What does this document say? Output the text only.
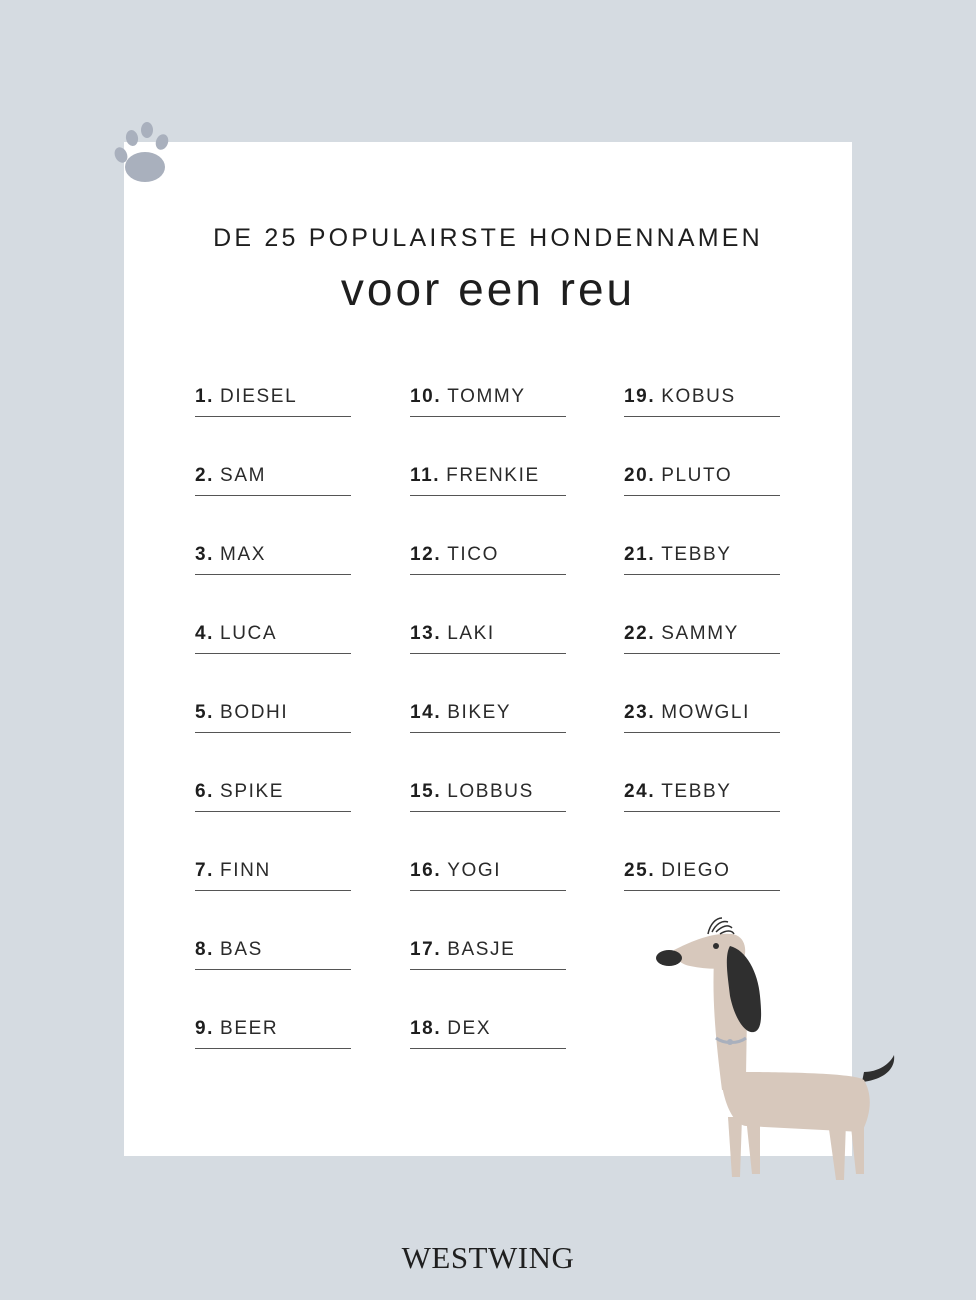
DE 25 POPULAIRSTE HONDENNAMEN
voor een reu
1. DIESEL
2. SAM
3. MAX
4. LUCA
5. BODHI
6. SPIKE
7. FINN
8. BAS
9. BEER
10. TOMMY
11. FRENKIE
12. TICO
13. LAKI
14. BIKEY
15. LOBBUS
16. YOGI
17. BASJE
18. DEX
19. KOBUS
20. PLUTO
21. TEBBY
22. SAMMY
23. MOWGLI
24. TEBBY
25. DIEGO
WESTWING
